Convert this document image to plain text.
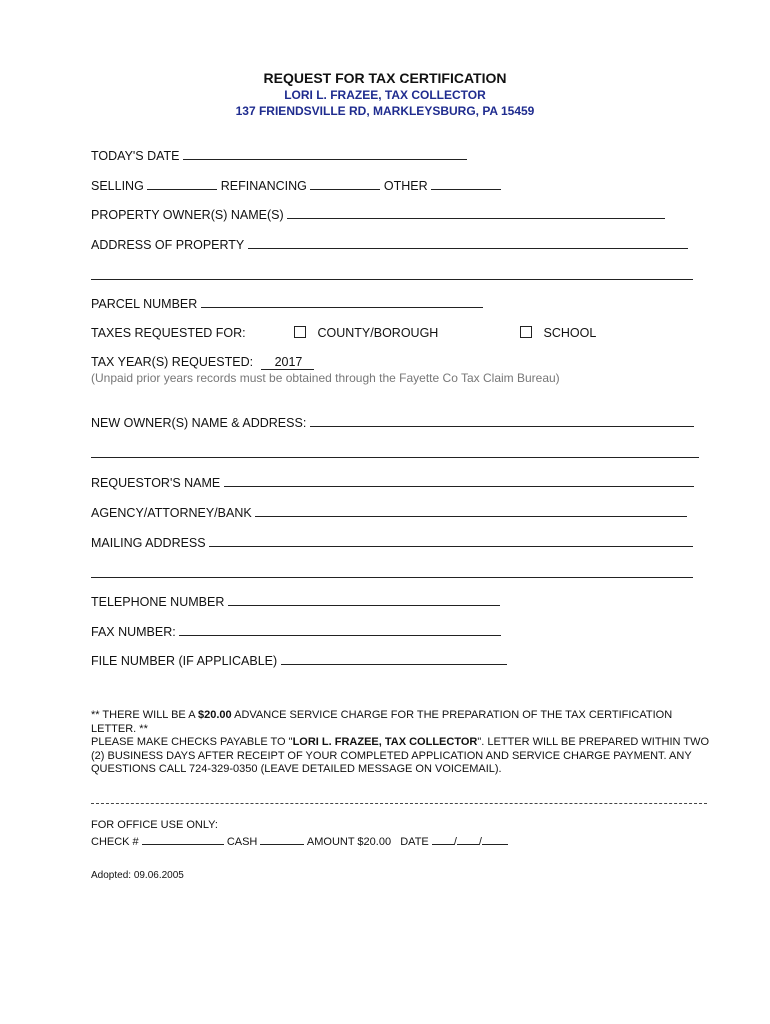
REQUEST FOR TAX CERTIFICATION
LORI L. FRAZEE, TAX COLLECTOR
137 FRIENDSVILLE RD, MARKLEYSBURG, PA 15459
TODAY'S DATE
SELLING	REFINANCING	OTHER
PROPERTY OWNER(S) NAME(S)
ADDRESS OF PROPERTY
PARCEL NUMBER
TAXES REQUESTED FOR:	COUNTY/BOROUGH	SCHOOL
TAX YEAR(S) REQUESTED: 2017
(Unpaid prior years records must be obtained through the Fayette Co Tax Claim Bureau)
NEW OWNER(S) NAME & ADDRESS:
REQUESTOR'S NAME
AGENCY/ATTORNEY/BANK
MAILING ADDRESS
TELEPHONE NUMBER
FAX NUMBER:
FILE NUMBER (IF APPLICABLE)
** THERE WILL BE A $20.00 ADVANCE SERVICE CHARGE FOR THE PREPARATION OF THE TAX CERTIFICATION LETTER. **
PLEASE MAKE CHECKS PAYABLE TO "LORI L. FRAZEE, TAX COLLECTOR". LETTER WILL BE PREPARED WITHIN TWO (2) BUSINESS DAYS AFTER RECEIPT OF YOUR COMPLETED APPLICATION AND SERVICE CHARGE PAYMENT. ANY QUESTIONS CALL 724-329-0350 (LEAVE DETAILED MESSAGE ON VOICEMAIL).
FOR OFFICE USE ONLY:
CHECK #	CASH	AMOUNT $20.00 DATE / /
Adopted: 09.06.2005
